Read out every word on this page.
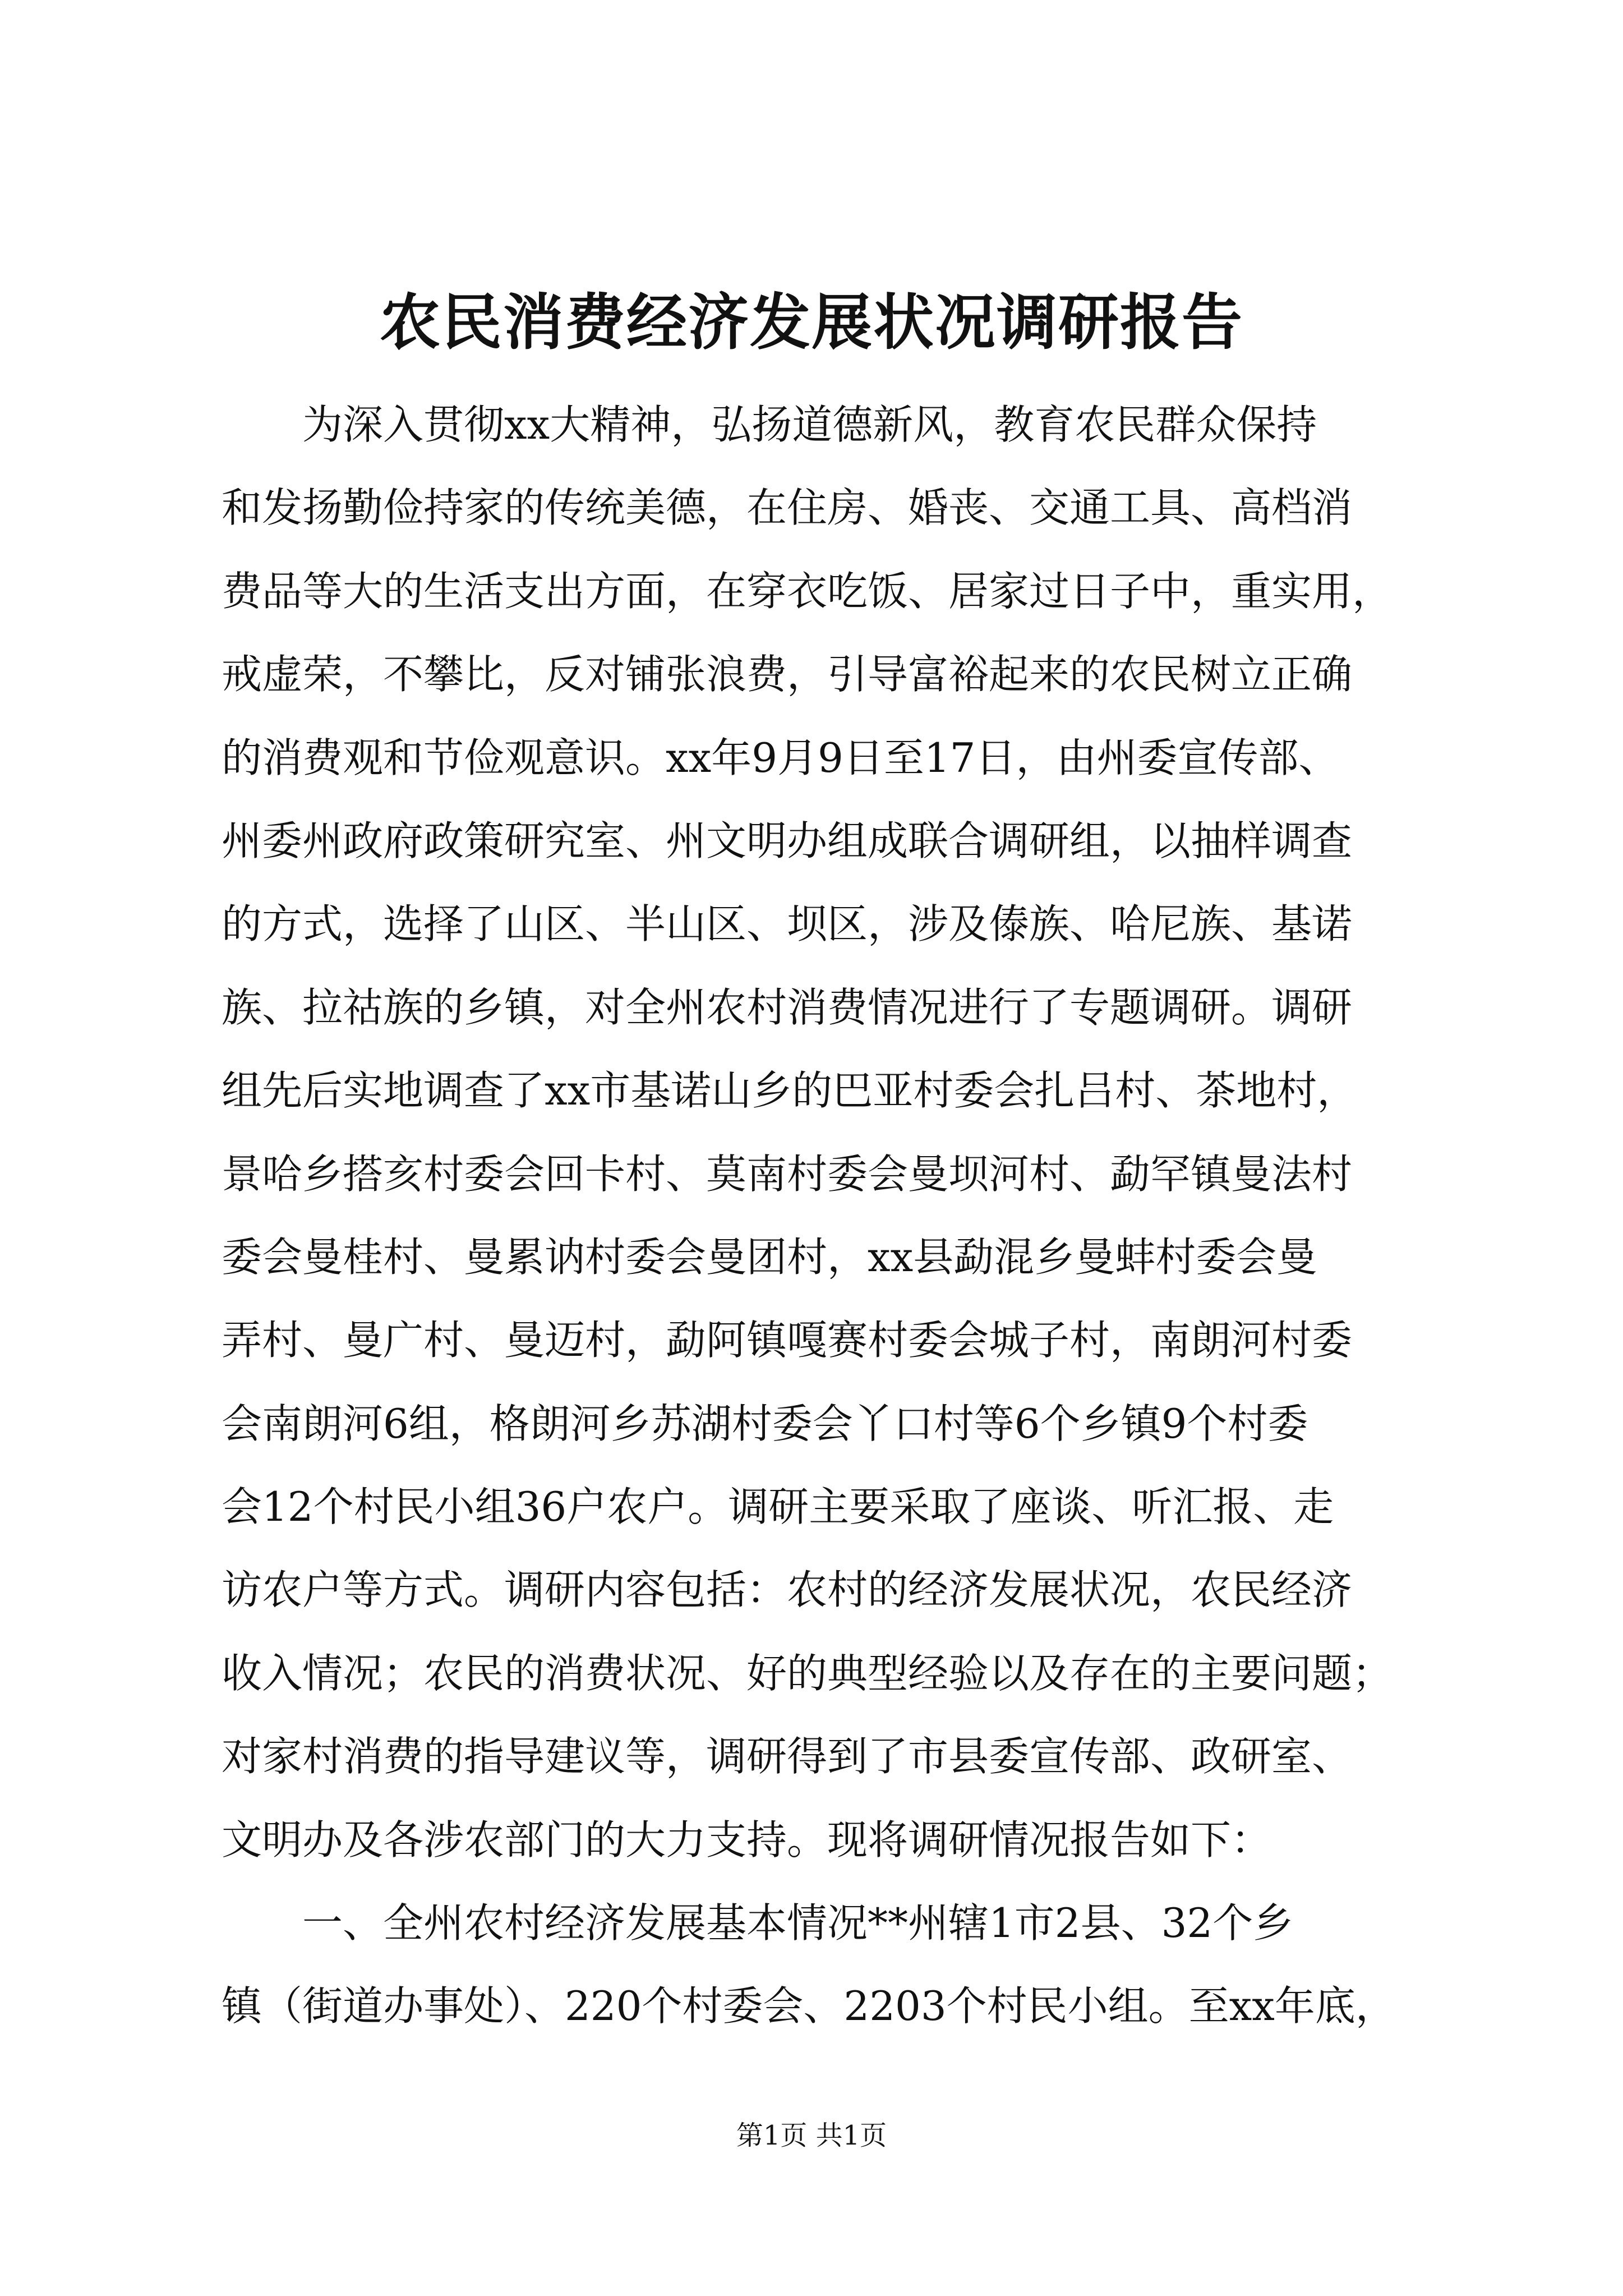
农民消费经济发展状况调研报告
　　为深入贯彻xx大精神，弘扬道德新风，教育农民群众保持
和发扬勤俭持家的传统美德，在住房、婚丧、交通工具、高档消
费品等大的生活支出方面，在穿衣吃饭、居家过日子中，重实用，
戒虚荣，不攀比，反对铺张浪费，引导富裕起来的农民树立正确
的消费观和节俭观意识。xx年9月9日至17日，由州委宣传部、
州委州政府政策研究室、州文明办组成联合调研组，以抽样调查
的方式，选择了山区、半山区、坝区，涉及傣族、哈尼族、基诺
族、拉祜族的乡镇，对全州农村消费情况进行了专题调研。调研
组先后实地调查了xx市基诺山乡的巴亚村委会扎吕村、茶地村，
景哈乡搭亥村委会回卡村、莫南村委会曼坝河村、勐罕镇曼法村
委会曼桂村、曼累讷村委会曼团村，xx县勐混乡曼蚌村委会曼
弄村、曼广村、曼迈村，勐阿镇嘎赛村委会城子村，南朗河村委
会南朗河6组，格朗河乡苏湖村委会丫口村等6个乡镇9个村委
会12个村民小组36户农户。调研主要采取了座谈、听汇报、走
访农户等方式。调研内容包括：农村的经济发展状况，农民经济
收入情况；农民的消费状况、好的典型经验以及存在的主要问题；
对家村消费的指导建议等，调研得到了市县委宣传部、政研室、
文明办及各涉农部门的大力支持。现将调研情况报告如下：
　　一、全州农村经济发展基本情况**州辖1市2县、32个乡
镇（街道办事处）、220个村委会、2203个村民小组。至xx年底，
第1页 共1页
